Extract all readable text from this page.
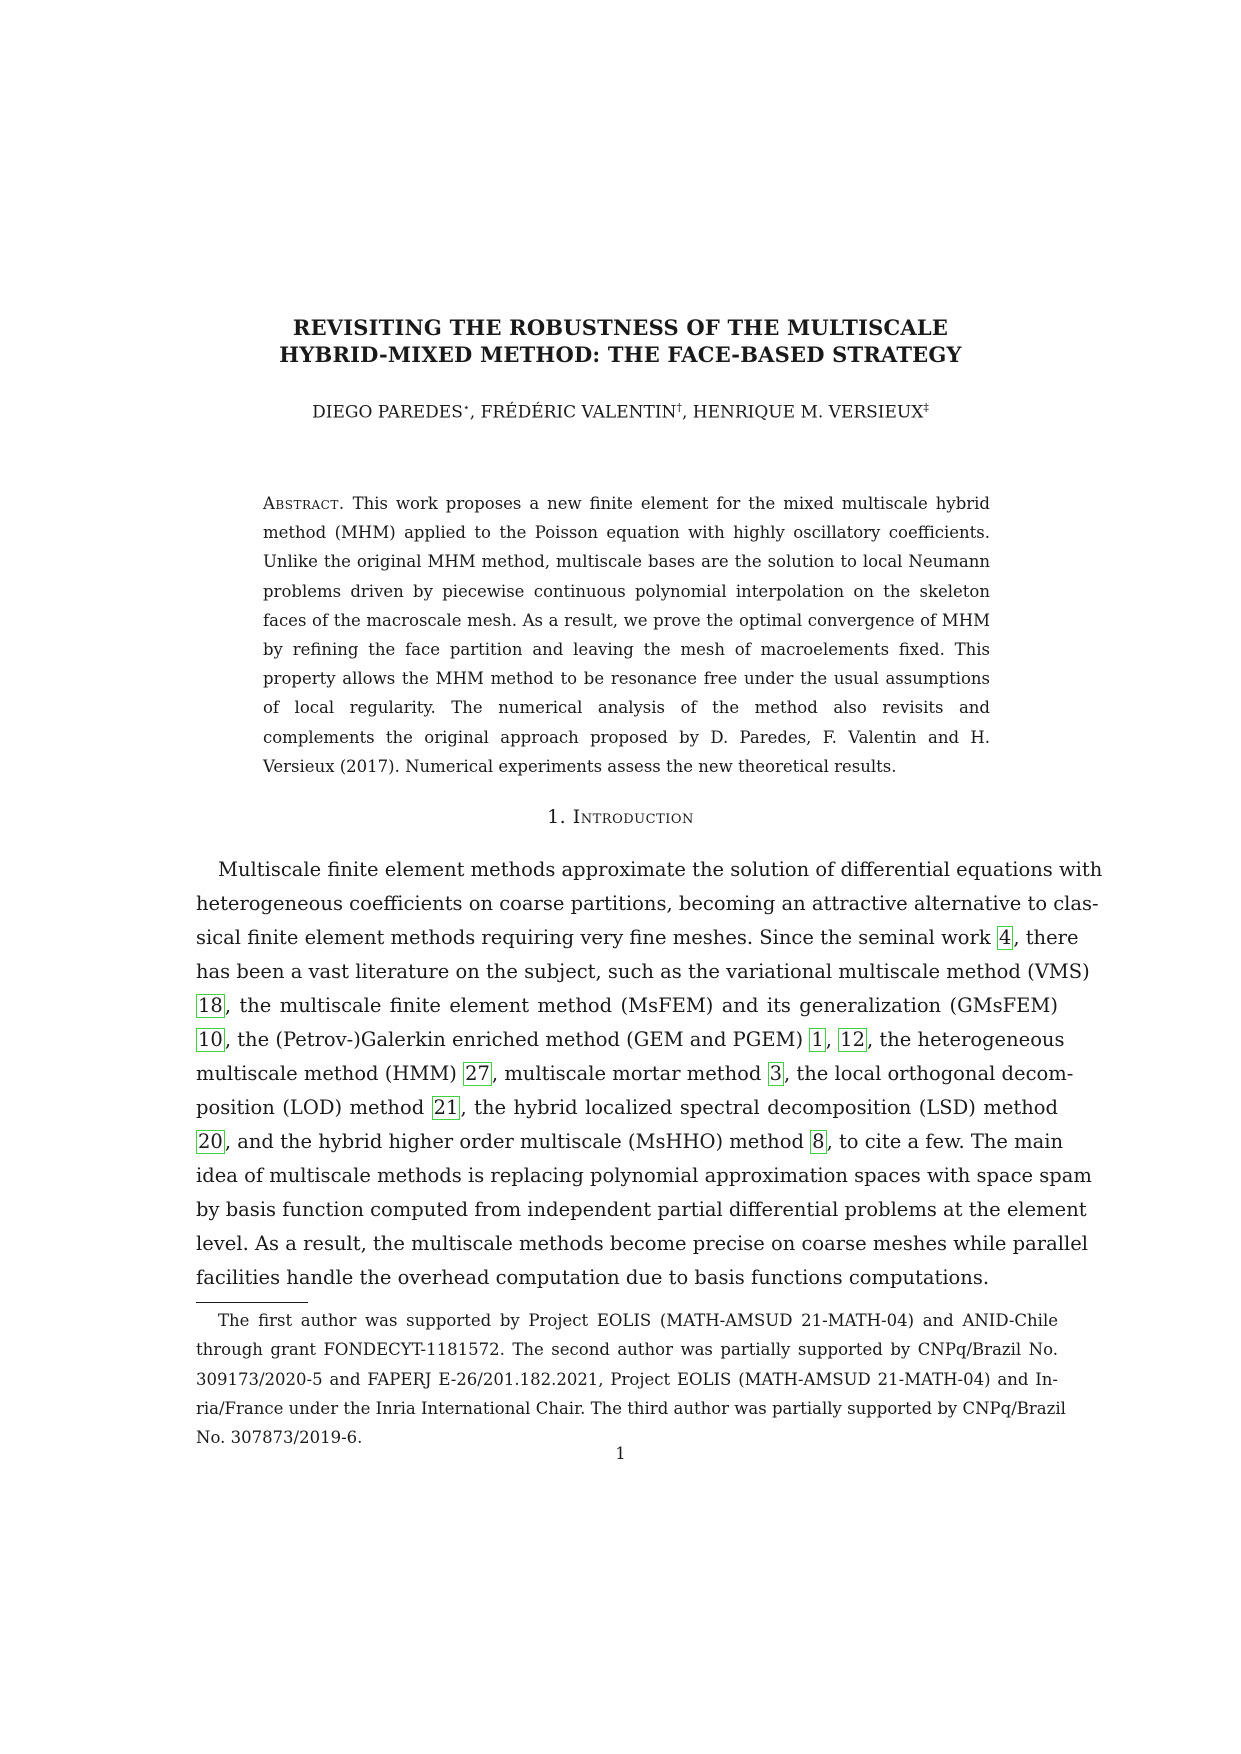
REVISITING THE ROBUSTNESS OF THE MULTISCALE
HYBRID-MIXED METHOD: THE FACE-BASED STRATEGY
DIEGO PAREDES⋆, FRÉDÉRIC VALENTIN†, HENRIQUE M. VERSIEUX‡
Abstract. This work proposes a new finite element for the mixed multiscale hybrid method (MHM) applied to the Poisson equation with highly oscillatory coefficients. Unlike the original MHM method, multiscale bases are the solution to local Neumann problems driven by piecewise continuous polynomial interpolation on the skeleton faces of the macroscale mesh. As a result, we prove the optimal convergence of MHM by refining the face partition and leaving the mesh of macroelements fixed. This property allows the MHM method to be resonance free under the usual assumptions of local regularity. The numerical analysis of the method also revisits and complements the original approach proposed by D. Paredes, F. Valentin and H. Versieux (2017). Numerical experiments assess the new theoretical results.
1. Introduction
Multiscale finite element methods approximate the solution of differential equations with
heterogeneous coefficients on coarse partitions, becoming an attractive alternative to clas-
sical finite element methods requiring very fine meshes. Since the seminal work 4 , there
has been a vast literature on the subject, such as the variational multiscale method (VMS)
18 , the multiscale finite element method (MsFEM) and its generalization (GMsFEM)
10 , the (Petrov-)Galerkin enriched method (GEM and PGEM) 1 , 12 , the heterogeneous
multiscale method (HMM) 27 , multiscale mortar method 3 , the local orthogonal decom-
position (LOD) method 21 , the hybrid localized spectral decomposition (LSD) method
20 , and the hybrid higher order multiscale (MsHHO) method 8 , to cite a few. The main
idea of multiscale methods is replacing polynomial approximation spaces with space spam
by basis function computed from independent partial differential problems at the element
level. As a result, the multiscale methods become precise on coarse meshes while parallel
facilities handle the overhead computation due to basis functions computations.
The first author was supported by Project EOLIS (MATH-AMSUD 21-MATH-04) and ANID-Chile
through grant FONDECYT-1181572. The second author was partially supported by CNPq/Brazil No.
309173/2020-5 and FAPERJ E-26/201.182.2021, Project EOLIS (MATH-AMSUD 21-MATH-04) and In-
ria/France under the Inria International Chair. The third author was partially supported by CNPq/Brazil
No. 307873/2019-6.
1
